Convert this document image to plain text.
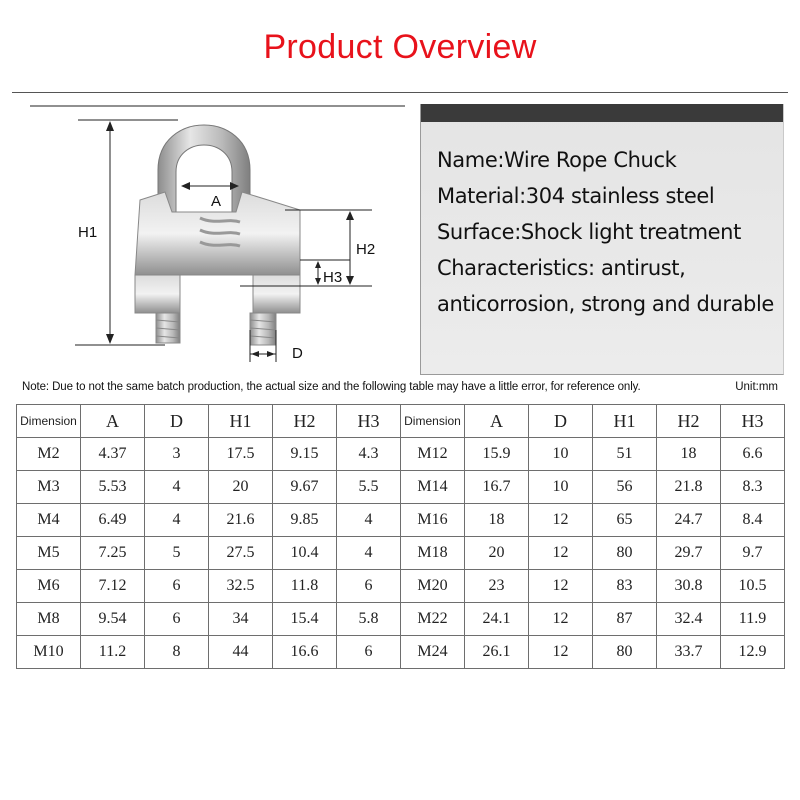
Product Overview
H1
A
H2
H3
D
Name:Wire Rope Chuck
Material:304 stainless steel
Surface:Shock light treatment
Characteristics: antirust,
anticorrosion, strong and durable
Note: Due to not the same batch production, the actual size and the following table may have a little error, for reference only.	Unit:mm
Dimension	A	D	H1	H2	H3	Dimension	A	D	H1	H2	H3
M2	4.37	3	17.5	9.15	4.3	M12	15.9	10	51	18	6.6
M3	5.53	4	20	9.67	5.5	M14	16.7	10	56	21.8	8.3
M4	6.49	4	21.6	9.85	4	M16	18	12	65	24.7	8.4
M5	7.25	5	27.5	10.4	4	M18	20	12	80	29.7	9.7
M6	7.12	6	32.5	11.8	6	M20	23	12	83	30.8	10.5
M8	9.54	6	34	15.4	5.8	M22	24.1	12	87	32.4	11.9
M10	11.2	8	44	16.6	6	M24	26.1	12	80	33.7	12.9
